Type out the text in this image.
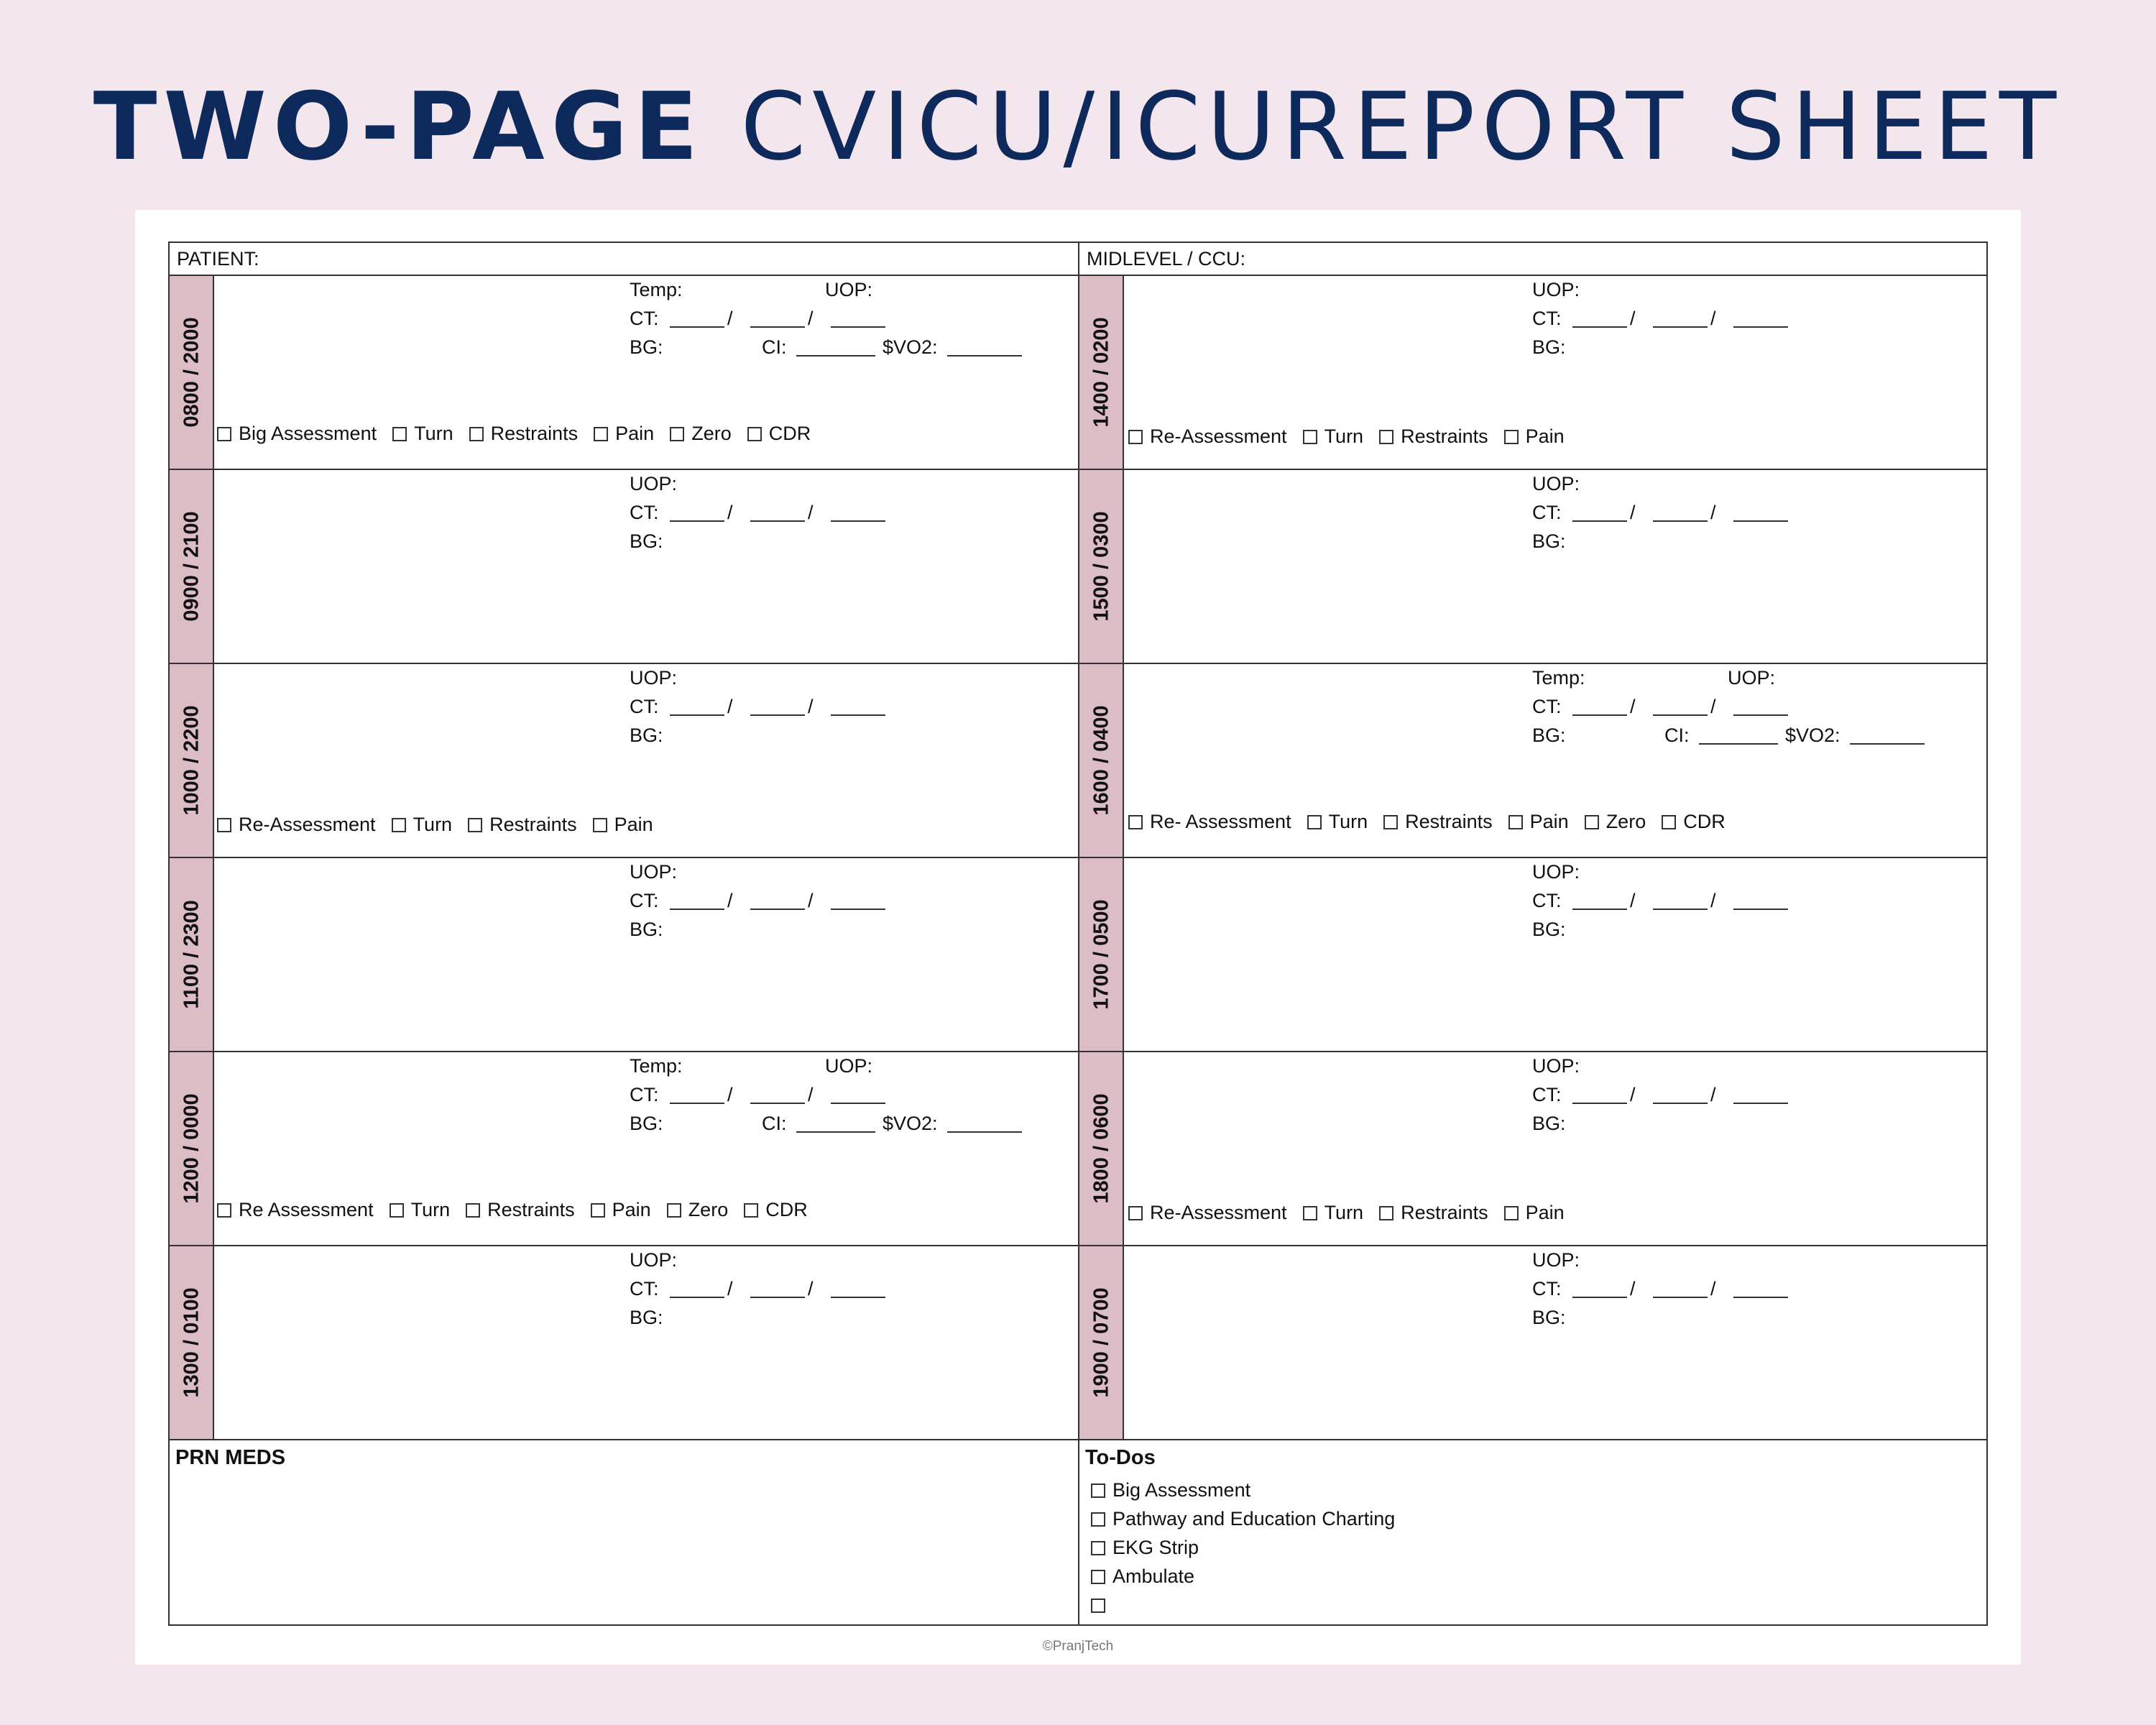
TWO-PAGE CVICU/ICUREPORT SHEET
PATIENT:	MIDLEVEL / CCU:
PRN MEDS	To-Dos
Big Assessment
Pathway and Education Charting
EKG Strip
Ambulate
0800 / 2000
Temp:	UOP:
CT:	/	/
BG:	CI:	$VO2:
Big Assessment Turn Restraints Pain Zero CDR
0900 / 2100
UOP:
CT:	/	/
BG:
1000 / 2200
UOP:
CT:	/	/
BG:
Re-Assessment Turn Restraints Pain
1100 / 2300
UOP:
CT:	/	/
BG:
1200 / 0000
Temp:	UOP:
CT:	/	/
BG:	CI:	$VO2:
Re Assessment Turn Restraints Pain Zero CDR
1300 / 0100
UOP:
CT:	/	/
BG:
1400 / 0200
UOP:
CT:	/	/
BG:
Re-Assessment Turn Restraints Pain
1500 / 0300
UOP:
CT:	/	/
BG:
1600 / 0400
Temp:	UOP:
CT:	/	/
BG:	CI:	$VO2:
Re- Assessment Turn Restraints Pain Zero CDR
1700 / 0500
UOP:
CT:	/	/
BG:
1800 / 0600
UOP:
CT:	/	/
BG:
Re-Assessment Turn Restraints Pain
1900 / 0700
UOP:
CT:	/	/
BG:
©PranjTech
